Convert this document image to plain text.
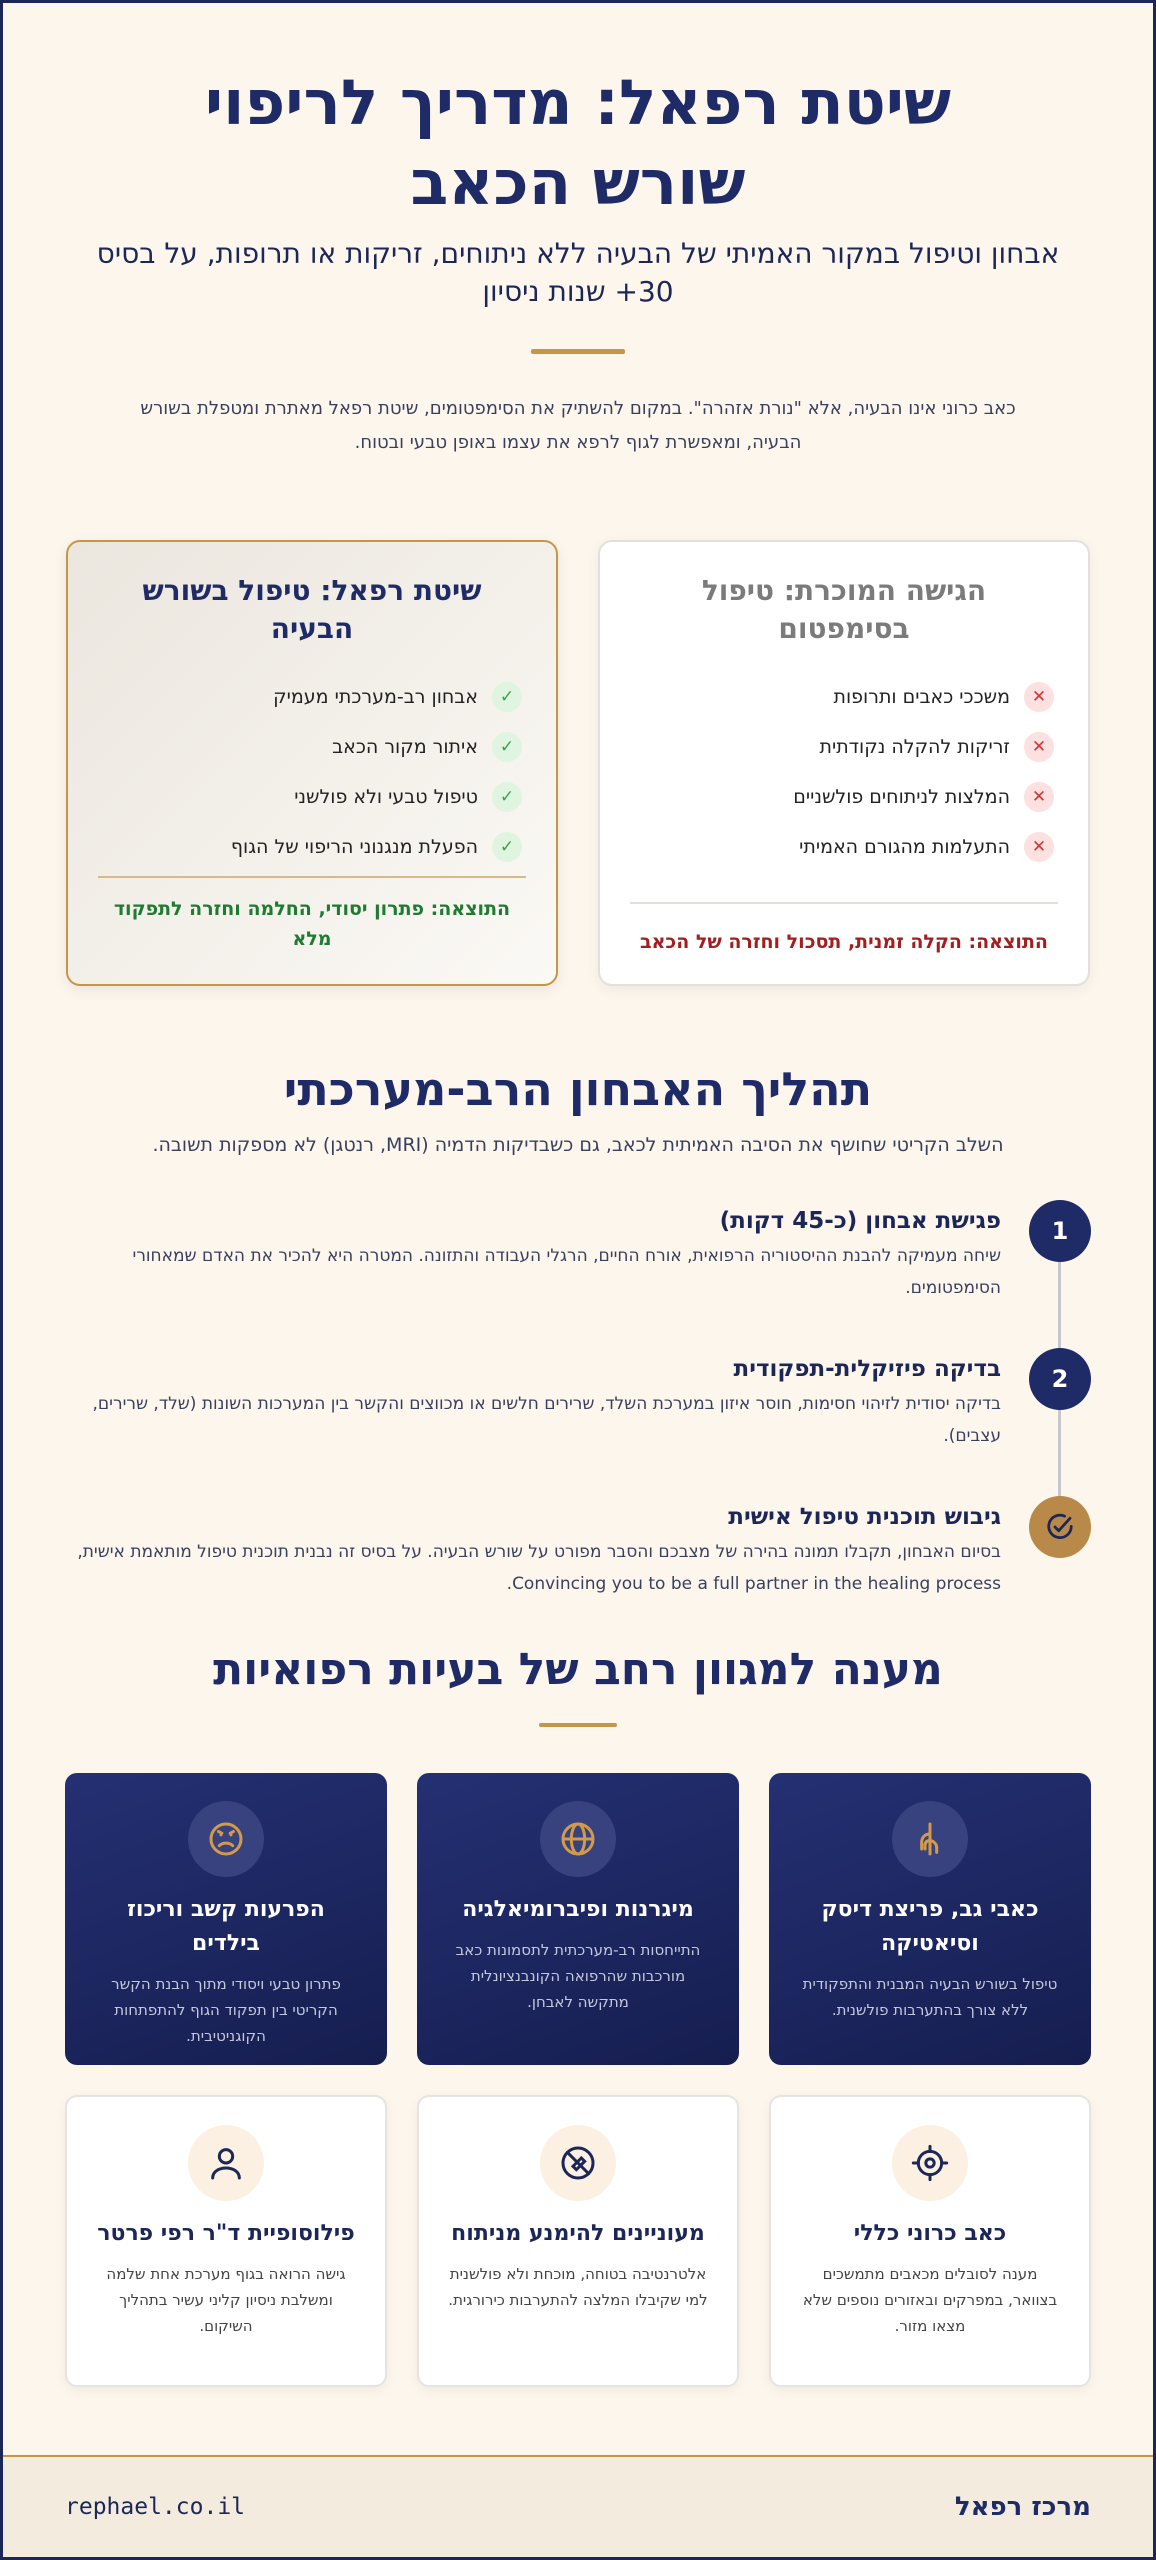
שיטת רפאל: מדריך לריפוי שורש הכאב

אבחון וטיפול במקור האמיתי של הבעיה ללא ניתוחים, זריקות או תרופות, על בסיס 30+ שנות ניסיון

כאב כרוני אינו הבעיה, אלא "נורת אזהרה". במקום להשתיק את הסימפטומים, שיטת רפאל מאתרת ומטפלת בשורש הבעיה, ומאפשרת לגוף לרפא את עצמו באופן טבעי ובטוח.

הגישה המוכרת: טיפול בסימפטום
✕
משככי כאבים ותרופות
✕
זריקות להקלה נקודתית
✕
המלצות לניתוחים פולשניים
✕
התעלמות מהגורם האמיתי

התוצאה: הקלה זמנית, תסכול וחזרה של הכאב

שיטת רפאל: טיפול בשורש הבעיה
✓
אבחון רב-מערכתי מעמיק
✓
איתור מקור הכאב
✓
טיפול טבעי ולא פולשני
✓
הפעלת מנגנוני הריפוי של הגוף

התוצאה: פתרון יסודי, החלמה וחזרה לתפקוד מלא

תהליך האבחון הרב-מערכתי

השלב הקריטי שחושף את הסיבה האמיתית לכאב, גם כשבדיקות הדמיה (MRI, רנטגן) לא מספקות תשובה.

1
פגישת אבחון (כ-45 דקות)

שיחה מעמיקה להבנת ההיסטוריה הרפואית, אורח החיים, הרגלי העבודה והתזונה. המטרה היא להכיר את האדם שמאחורי הסימפטומים.

2
בדיקה פיזיקלית-תפקודית

בדיקה יסודית לזיהוי חסימות, חוסר איזון במערכת השלד, שרירים חלשים או מכווצים והקשר בין המערכות השונות (שלד, שרירים, עצבים).

גיבוש תוכנית טיפול אישית

בסיום האבחון, תקבלו תמונה בהירה של מצבכם והסבר מפורט על שורש הבעיה. על בסיס זה נבנית תוכנית טיפול מותאמת אישית, Convincing you to be a full partner in the healing process.

מענה למגוון רחב של בעיות רפואיות
כאבי גב, פריצת דיסק וסיאטיקה

טיפול בשורש הבעיה המבנית והתפקודית ללא צורך בהתערבות פולשנית.

מיגרנות ופיברומיאלגיה

התייחסות רב-מערכתית לתסמונות כאב מורכבות שהרפואה הקונבנציונלית מתקשה לאבחן.

הפרעות קשב וריכוז בילדים

פתרון טבעי ויסודי מתוך הבנת הקשר הקריטי בין תפקוד הגוף להתפתחות הקוגניטיבית.

כאב כרוני כללי

מענה לסובלים מכאבים מתמשכים בצוואר, במפרקים ובאזורים נוספים שלא מצאו מזור.

מעוניינים להימנע מניתוח

אלטרנטיבה בטוחה, מוכחת ולא פולשנית למי שקיבלו המלצה להתערבות כירורגית.

פילוסופיית ד"ר רפי פרטר

גישה הרואה בגוף מערכת אחת שלמה ומשלבת ניסיון קליני עשיר בתהליך השיקום.

מרכז רפאל
rephael.co.il
